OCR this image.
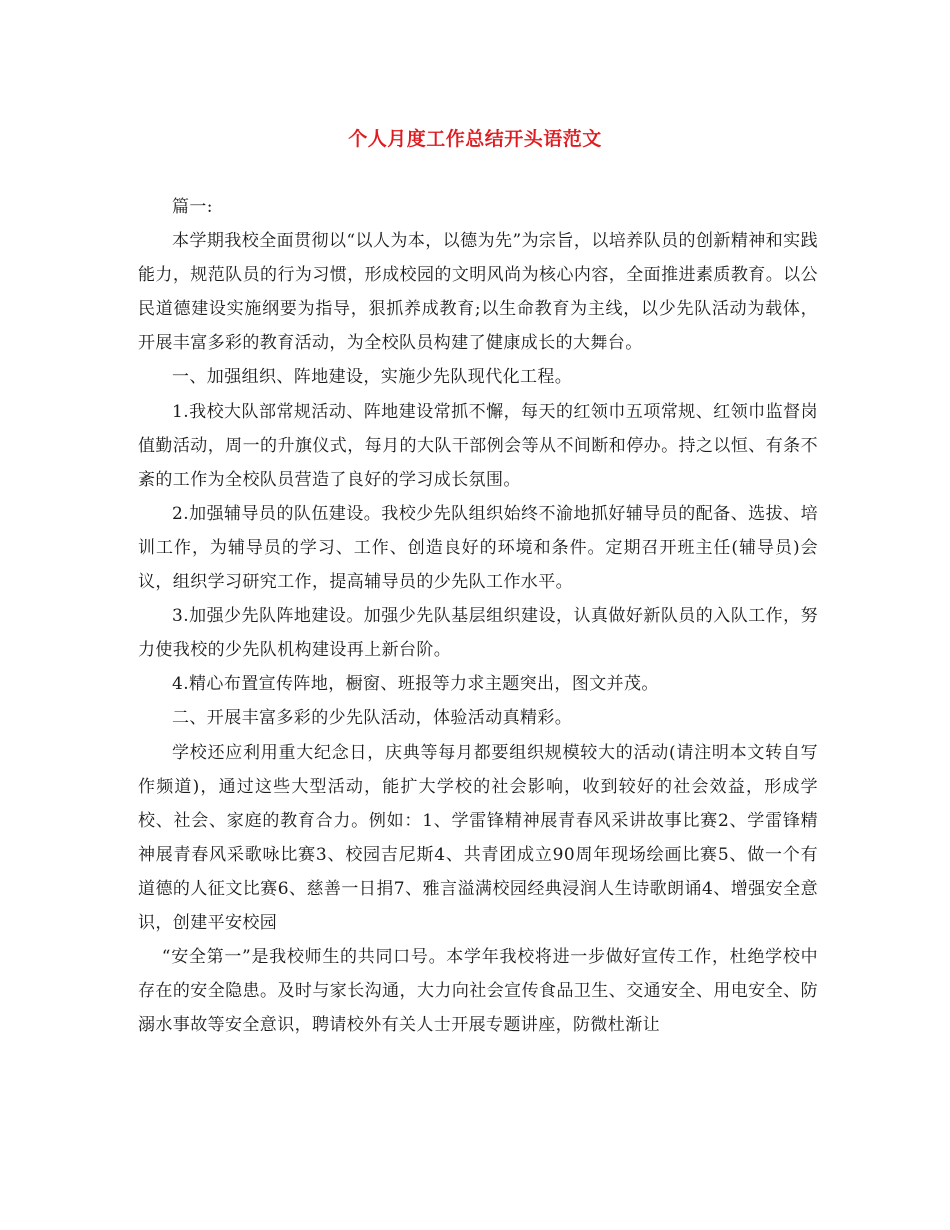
个人月度工作总结开头语范文

篇一:

本学期我校全面贯彻以“以人为本，以德为先”为宗旨，以培养队员的创新精神和实践能力，规范队员的行为习惯，形成校园的文明风尚为核心内容，全面推进素质教育。以公民道德建设实施纲要为指导，狠抓养成教育;以生命教育为主线，以少先队活动为载体，开展丰富多彩的教育活动，为全校队员构建了健康成长的大舞台。

一、加强组织、阵地建设，实施少先队现代化工程。

1.我校大队部常规活动、阵地建设常抓不懈，每天的红领巾五项常规、红领巾监督岗值勤活动，周一的升旗仪式，每月的大队干部例会等从不间断和停办。持之以恒、有条不紊的工作为全校队员营造了良好的学习成长氛围。

2.加强辅导员的队伍建设。我校少先队组织始终不渝地抓好辅导员的配备、选拔、培训工作，为辅导员的学习、工作、创造良好的环境和条件。定期召开班主任(辅导员)会议，组织学习研究工作，提高辅导员的少先队工作水平。

3.加强少先队阵地建设。加强少先队基层组织建设，认真做好新队员的入队工作，努力使我校的少先队机构建设再上新台阶。

4.精心布置宣传阵地，橱窗、班报等力求主题突出，图文并茂。

二、开展丰富多彩的少先队活动，体验活动真精彩。

学校还应利用重大纪念日，庆典等每月都要组织规模较大的活动(请注明本文转自写作频道)，通过这些大型活动，能扩大学校的社会影响，收到较好的社会效益，形成学校、社会、家庭的教育合力。例如：1、学雷锋精神展青春风采讲故事比赛2、学雷锋精神展青春风采歌咏比赛3、校园吉尼斯4、共青团成立90周年现场绘画比赛5、做一个有道德的人征文比赛6、慈善一日捐7、雅言溢满校园经典浸润人生诗歌朗诵4、增强安全意识，创建平安校园

“安全第一”是我校师生的共同口号。本学年我校将进一步做好宣传工作，杜绝学校中存在的安全隐患。及时与家长沟通，大力向社会宣传食品卫生、交通安全、用电安全、防溺水事故等安全意识，聘请校外有关人士开展专题讲座，防微杜渐让
